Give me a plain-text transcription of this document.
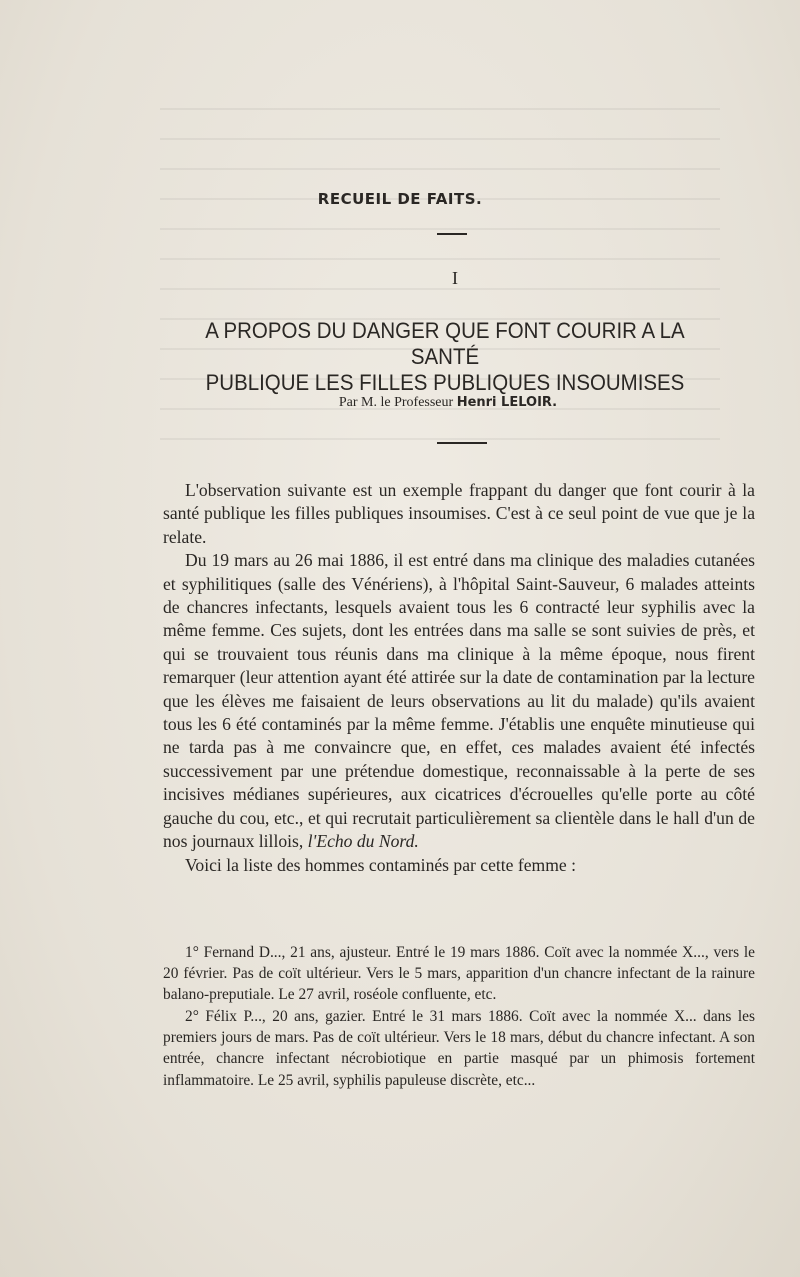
RECUEIL DE FAITS.
I
A PROPOS DU DANGER QUE FONT COURIR A LA SANTÉ
PUBLIQUE LES FILLES PUBLIQUES INSOUMISES
Par M. le Professeur Henri LELOIR.

L'observation suivante est un exemple frappant du danger que font courir à la santé publique les filles publiques insoumises. C'est à ce seul point de vue que je la relate.

Du 19 mars au 26 mai 1886, il est entré dans ma clinique des maladies cutanées et syphilitiques (salle des Vénériens), à l'hôpital Saint-Sauveur, 6 malades atteints de chancres infectants, lesquels avaient tous les 6 contracté leur syphilis avec la même femme. Ces sujets, dont les entrées dans ma salle se sont suivies de près, et qui se trouvaient tous réunis dans ma clinique à la même époque, nous firent remarquer (leur attention ayant été attirée sur la date de contamination par la lecture que les élèves me faisaient de leurs observations au lit du malade) qu'ils avaient tous les 6 été contaminés par la même femme. J'établis une enquête minutieuse qui ne tarda pas à me convaincre que, en effet, ces malades avaient été infectés successivement par une prétendue domestique, reconnaissable à la perte de ses incisives médianes supérieures, aux cicatrices d'écrouelles qu'elle porte au côté gauche du cou, etc., et qui recrutait particulièrement sa clientèle dans le hall d'un de nos journaux lillois, l'Echo du Nord.

Voici la liste des hommes contaminés par cette femme :

1° Fernand D..., 21 ans, ajusteur. Entré le 19 mars 1886. Coït avec la nommée X..., vers le 20 février. Pas de coït ultérieur. Vers le 5 mars, apparition d'un chancre infectant de la rainure balano-preputiale. Le 27 avril, roséole confluente, etc.

2° Félix P..., 20 ans, gazier. Entré le 31 mars 1886. Coït avec la nommée X... dans les premiers jours de mars. Pas de coït ultérieur. Vers le 18 mars, début du chancre infectant. A son entrée, chancre infectant nécrobiotique en partie masqué par un phimosis fortement inflammatoire. Le 25 avril, syphilis papuleuse discrète, etc...
